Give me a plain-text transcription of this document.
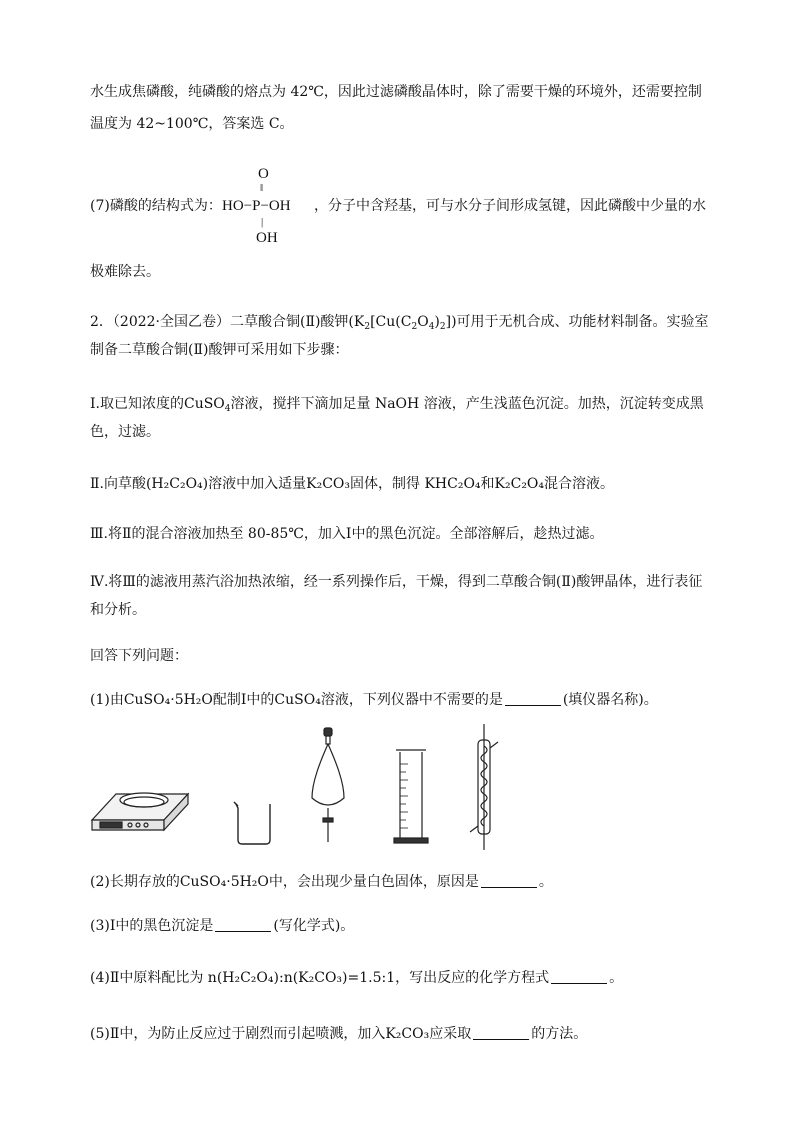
水生成焦磷酸，纯磷酸的熔点为 42℃，因此过滤磷酸晶体时，除了需要干燥的环境外，还需要控制
温度为 42~100℃，答案选 C。
(7)磷酸的结构式为：
O
‖
HO−P−OH
|
OH
，分子中含羟基，可与水分子间形成氢键，因此磷酸中少量的水
极难除去。
2．（2022·全国乙卷）二草酸合铜(Ⅱ)酸钾$(K_2[Cu(C_2O_4)_2])$可用于无机合成、功能材料制备。实验室
制备二草酸合铜(Ⅱ)酸钾可采用如下步骤：
Ⅰ.取已知浓度的CuSO$_4$溶液，搅拌下滴加足量 NaOH 溶液，产生浅蓝色沉淀。加热，沉淀转变成黑
色，过滤。
Ⅱ.向草酸(H₂C₂O₄)溶液中加入适量K₂CO₃固体，制得 KHC₂O₄和K₂C₂O₄混合溶液。
Ⅲ.将Ⅱ的混合溶液加热至 80-85℃，加入Ⅰ中的黑色沉淀。全部溶解后，趁热过滤。
Ⅳ.将Ⅲ的滤液用蒸汽浴加热浓缩，经一系列操作后，干燥，得到二草酸合铜(Ⅱ)酸钾晶体，进行表征
和分析。
回答下列问题：
(1)由CuSO₄·5H₂O配制Ⅰ中的CuSO₄溶液，下列仪器中不需要的是	(填仪器名称)。
(2)长期存放的CuSO₄·5H₂O中，会出现少量白色固体，原因是	。
(3)Ⅰ中的黑色沉淀是	(写化学式)。
(4)Ⅱ中原料配比为 n(H₂C₂O₄):n(K₂CO₃)=1.5:1，写出反应的化学方程式	。
(5)Ⅱ中，为防止反应过于剧烈而引起喷溅，加入K₂CO₃应采取	的方法。
